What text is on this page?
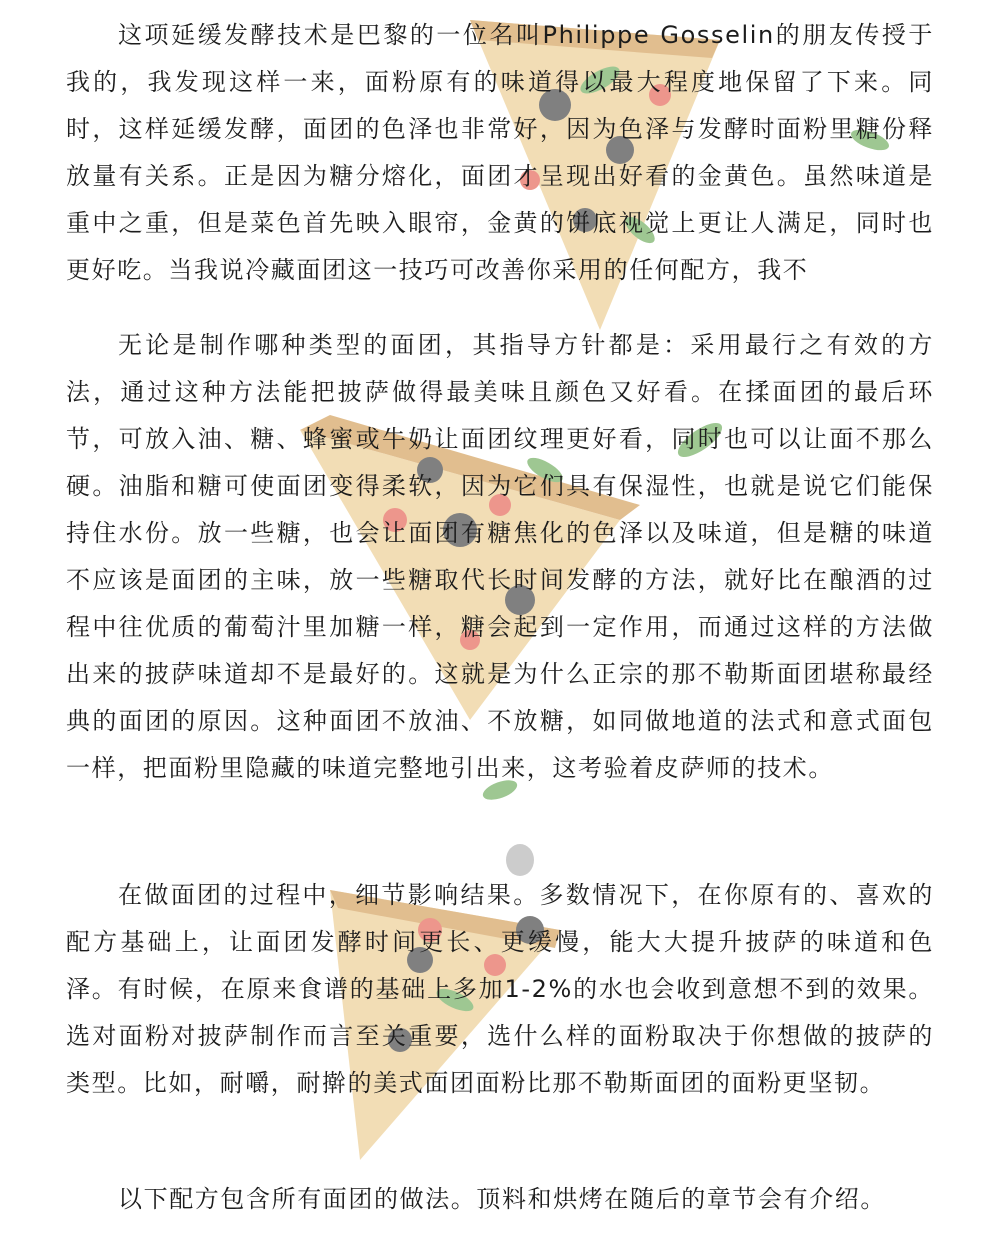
这项延缓发酵技术是巴黎的一位名叫Philippe Gosselin的朋友传授于我的，我发现这样一来，面粉原有的味道得以最大程度地保留了下来。同时，这样延缓发酵，面团的色泽也非常好，因为色泽与发酵时面粉里糖份释放量有关系。正是因为糖分熔化，面团才呈现出好看的金黄色。虽然味道是重中之重，但是菜色首先映入眼帘，金黄的饼底视觉上更让人满足，同时也更好吃。当我说冷藏面团这一技巧可改善你采用的任何配方，我不

无论是制作哪种类型的面团，其指导方针都是：采用最行之有效的方法，通过这种方法能把披萨做得最美味且颜色又好看。在揉面团的最后环节，可放入油、糖、蜂蜜或牛奶让面团纹理更好看，同时也可以让面不那么硬。油脂和糖可使面团变得柔软，因为它们具有保湿性，也就是说它们能保持住水份。放一些糖，也会让面团有糖焦化的色泽以及味道，但是糖的味道不应该是面团的主味，放一些糖取代长时间发酵的方法，就好比在酿酒的过程中往优质的葡萄汁里加糖一样，糖会起到一定作用，而通过这样的方法做出来的披萨味道却不是最好的。这就是为什么正宗的那不勒斯面团堪称最经典的面团的原因。这种面团不放油、不放糖，如同做地道的法式和意式面包一样，把面粉里隐藏的味道完整地引出来，这考验着皮萨师的技术。

在做面团的过程中，细节影响结果。多数情况下，在你原有的、喜欢的配方基础上，让面团发酵时间更长、更缓慢，能大大提升披萨的味道和色泽。有时候，在原来食谱的基础上多加1-2%的水也会收到意想不到的效果。选对面粉对披萨制作而言至关重要，选什么样的面粉取决于你想做的披萨的类型。比如，耐嚼，耐擀的美式面团面粉比那不勒斯面团的面粉更坚韧。

以下配方包含所有面团的做法。顶料和烘烤在随后的章节会有介绍。
